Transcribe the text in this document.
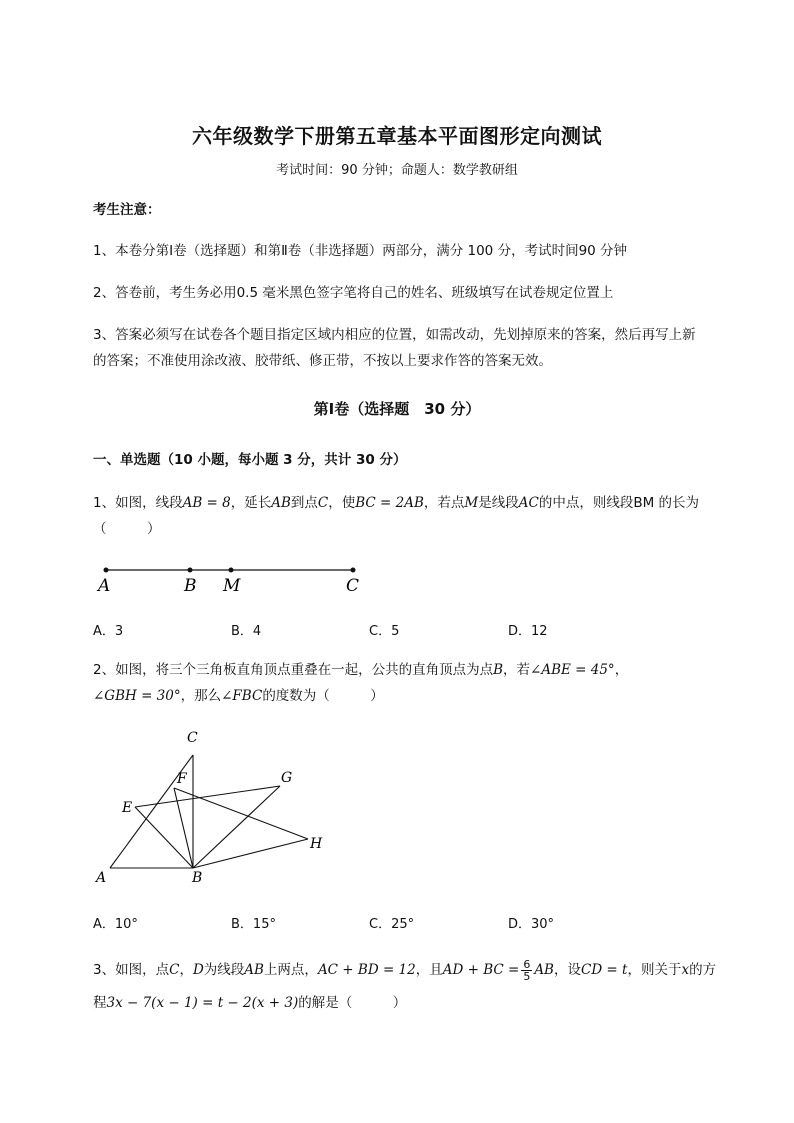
六年级数学下册第五章基本平面图形定向测试
考试时间：90 分钟；命题人：数学教研组
考生注意：
1、本卷分第Ⅰ卷（选择题）和第Ⅱ卷（非选择题）两部分，满分 100 分，考试时间90 分钟
2、答卷前，考生务必用0.5 毫米黑色签字笔将自己的姓名、班级填写在试卷规定位置上
3、答案必须写在试卷各个题目指定区域内相应的位置，如需改动，先划掉原来的答案，然后再写上新
的答案；不准使用涂改液、胶带纸、修正带，不按以上要求作答的答案无效。
第Ⅰ卷（选择题　30 分）
一、单选题（10 小题，每小题 3 分，共计 30 分）
1、如图，线段AB = 8，延长AB到点C，使BC = 2AB，若点M是线段AC的中点，则线段BM 的长为
（　　　）
A	B M	C
A．3	B．4	C．5	D．12
2、如图，将三个三角板直角顶点重叠在一起，公共的直角顶点为点B，若∠ABE = 45°，
∠GBH = 30°，那么∠FBC的度数为（　　　）
C
F	G
E
H
A	B
A．10°	B．15°	C．25°	D．30°
3、如图，点C，D为线段AB上两点，AC + BD = 12，且AD + BC = $\frac{6}{5}$ AB，设CD = t，则关于x的方
程3x − 7(x − 1) = t − 2(x + 3)的解是（　　　）
